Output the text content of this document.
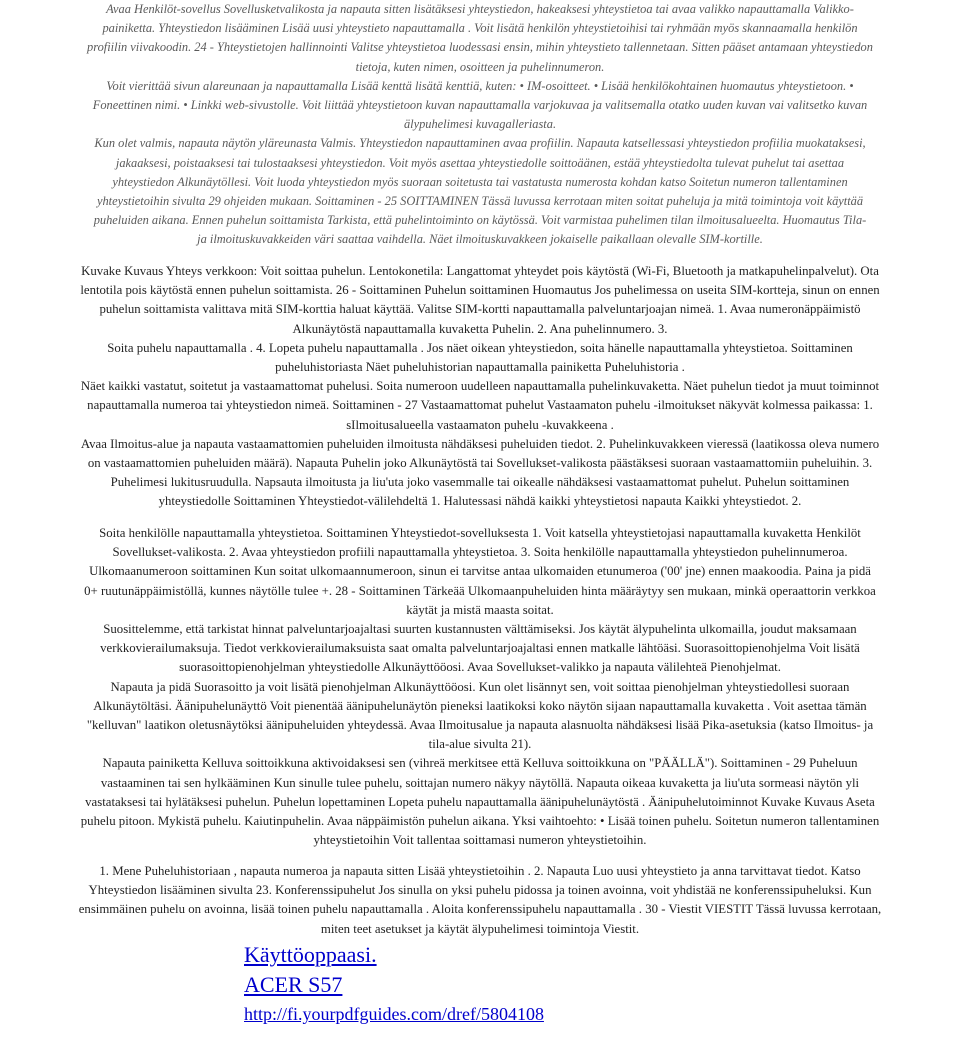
Avaa Henkilöt-sovellus Sovellusketvalikosta ja napauta sitten lisätäksesi yhteystiedon, hakeaksesi yhteystietoa tai avaa valikko napauttamalla Valikko-

painiketta. Yhteystiedon lisääminen Lisää uusi yhteystieto napauttamalla . Voit lisätä henkilön yhteystietoihisi tai ryhmään myös skannaamalla henkilön

profiilin viivakoodin. 24 - Yhteystietojen hallinnointi Valitse yhteystietoa luodessasi ensin, mihin yhteystieto tallennetaan. Sitten pääset antamaan yhteystiedon

tietoja, kuten nimen, osoitteen ja puhelinnumeron.

Voit vierittää sivun alareunaan ja napauttamalla Lisää kenttä lisätä kenttiä, kuten: • IM-osoitteet. • Lisää henkilökohtainen huomautus yhteystietoon. •

Foneettinen nimi. • Linkki web-sivustolle. Voit liittää yhteystietoon kuvan napauttamalla varjokuvaa ja valitsemalla otatko uuden kuvan vai valitsetko kuvan

älypuhelimesi kuvagalleriasta.

Kun olet valmis, napauta näytön yläreunasta Valmis. Yhteystiedon napauttaminen avaa profiilin. Napauta katsellessasi yhteystiedon profiilia muokataksesi,

jakaaksesi, poistaaksesi tai tulostaaksesi yhteystiedon. Voit myös asettaa yhteystiedolle soittoäänen, estää yhteystiedolta tulevat puhelut tai asettaa

yhteystiedon Alkunäytöllesi. Voit luoda yhteystiedon myös suoraan soitetusta tai vastatusta numerosta kohdan katso Soitetun numeron tallentaminen

yhteystietoihin sivulta 29 ohjeiden mukaan. Soittaminen - 25 SOITTAMINEN Tässä luvussa kerrotaan miten soitat puheluja ja mitä toimintoja voit käyttää

puheluiden aikana. Ennen puhelun soittamista Tarkista, että puhelintoiminto on käytössä. Voit varmistaa puhelimen tilan ilmoitusalueelta. Huomautus Tila-

ja ilmoituskuvakkeiden väri saattaa vaihdella. Näet ilmoituskuvakkeen jokaiselle paikallaan olevalle SIM-kortille.

Kuvake Kuvaus Yhteys verkkoon: Voit soittaa puhelun. Lentokonetila: Langattomat yhteydet pois käytöstä (Wi-Fi, Bluetooth ja matkapuhelinpalvelut). Ota

lentotila pois käytöstä ennen puhelun soittamista. 26 - Soittaminen Puhelun soittaminen Huomautus Jos puhelimessa on useita SIM-kortteja, sinun on ennen

puhelun soittamista valittava mitä SIM-korttia haluat käyttää. Valitse SIM-kortti napauttamalla palveluntarjoajan nimeä. 1. Avaa numeronäppäimistö

Alkunäytöstä napauttamalla kuvaketta Puhelin. 2. Ana puhelinnumero. 3.

Soita puhelu napauttamalla . 4. Lopeta puhelu napauttamalla . Jos näet oikean yhteystiedon, soita hänelle napauttamalla yhteystietoa. Soittaminen

puheluhistoriasta Näet puheluhistorian napauttamalla painiketta Puheluhistoria .

Näet kaikki vastatut, soitetut ja vastaamattomat puhelusi. Soita numeroon uudelleen napauttamalla puhelinkuvaketta. Näet puhelun tiedot ja muut toiminnot

napauttamalla numeroa tai yhteystiedon nimeä. Soittaminen - 27 Vastaamattomat puhelut Vastaamaton puhelu -ilmoitukset näkyvät kolmessa paikassa: 1.

sIlmoitusalueella vastaamaton puhelu -kuvakkeena .

Avaa Ilmoitus-alue ja napauta vastaamattomien puheluiden ilmoitusta nähdäksesi puheluiden tiedot. 2. Puhelinkuvakkeen vieressä (laatikossa oleva numero

on vastaamattomien puheluiden määrä). Napauta Puhelin joko Alkunäytöstä tai Sovellukset-valikosta päästäksesi suoraan vastaamattomiin puheluihin. 3.

Puhelimesi lukitusruudulla. Napsauta ilmoitusta ja liu'uta joko vasemmalle tai oikealle nähdäksesi vastaamattomat puhelut. Puhelun soittaminen

yhteystiedolle Soittaminen Yhteystiedot-välilehdeltä 1. Halutessasi nähdä kaikki yhteystietosi napauta Kaikki yhteystiedot. 2.

Soita henkilölle napauttamalla yhteystietoa. Soittaminen Yhteystiedot-sovelluksesta 1. Voit katsella yhteystietojasi napauttamalla kuvaketta Henkilöt

Sovellukset-valikosta. 2. Avaa yhteystiedon profiili napauttamalla yhteystietoa. 3. Soita henkilölle napauttamalla yhteystiedon puhelinnumeroa.

Ulkomaanumeroon soittaminen Kun soitat ulkomaannumeroon, sinun ei tarvitse antaa ulkomaiden etunumeroa ('00' jne) ennen maakoodia. Paina ja pidä

0+ ruutunäppäimistöllä, kunnes näytölle tulee +. 28 - Soittaminen Tärkeää Ulkomaanpuheluiden hinta määräytyy sen mukaan, minkä operaattorin verkkoa

käytät ja mistä maasta soitat.

Suosittelemme, että tarkistat hinnat palveluntarjoajaltasi suurten kustannusten välttämiseksi. Jos käytät älypuhelinta ulkomailla, joudut maksamaan

verkkovierailumaksuja. Tiedot verkkovierailumaksuista saat omalta palveluntarjoajaltasi ennen matkalle lähtöäsi. Suorasoittopienohjelma Voit lisätä

suorasoittopienohjelman yhteystiedolle Alkunäyttööosi. Avaa Sovellukset-valikko ja napauta välilehteä Pienohjelmat.

Napauta ja pidä Suorasoitto ja voit lisätä pienohjelman Alkunäyttööosi. Kun olet lisännyt sen, voit soittaa pienohjelman yhteystiedollesi suoraan

Alkunäytöltäsi. Äänipuhelunäyttö Voit pienentää äänipuhelunäytön pieneksi laatikoksi koko näytön sijaan napauttamalla kuvaketta . Voit asettaa tämän

"kelluvan" laatikon oletusnäytöksi äänipuheluiden yhteydessä. Avaa Ilmoitusalue ja napauta alasnuolta nähdäksesi lisää Pika-asetuksia (katso Ilmoitus- ja

tila-alue sivulta 21).

Napauta painiketta Kelluva soittoikkuna aktivoidaksesi sen (vihreä merkitsee että Kelluva soittoikkuna on "PÄÄLLÄ"). Soittaminen - 29 Puheluun

vastaaminen tai sen hylkääminen Kun sinulle tulee puhelu, soittajan numero näkyy näytöllä. Napauta oikeaa kuvaketta ja liu'uta sormeasi näytön yli

vastataksesi tai hylätäksesi puhelun. Puhelun lopettaminen Lopeta puhelu napauttamalla äänipuhelunäytöstä . Äänipuhelutoiminnot Kuvake Kuvaus Aseta

puhelu pitoon. Mykistä puhelu. Kaiutinpuhelin. Avaa näppäimistön puhelun aikana. Yksi vaihtoehto: • Lisää toinen puhelu. Soitetun numeron tallentaminen

yhteystietoihin Voit tallentaa soittamasi numeron yhteystietoihin.

1. Mene Puheluhistoriaan , napauta numeroa ja napauta sitten Lisää yhteystietoihin . 2. Napauta Luo uusi yhteystieto ja anna tarvittavat tiedot. Katso

Yhteystiedon lisääminen sivulta 23. Konferenssipuhelut Jos sinulla on yksi puhelu pidossa ja toinen avoinna, voit yhdistää ne konferenssipuheluksi. Kun

ensimmäinen puhelu on avoinna, lisää toinen puhelu napauttamalla . Aloita konferenssipuhelu napauttamalla . 30 - Viestit VIESTIT Tässä luvussa kerrotaan,

miten teet asetukset ja käytät älypuhelimesi toimintoja Viestit.

Käyttöoppaasi.
ACER S57
http://fi.yourpdfguides.com/dref/5804108
